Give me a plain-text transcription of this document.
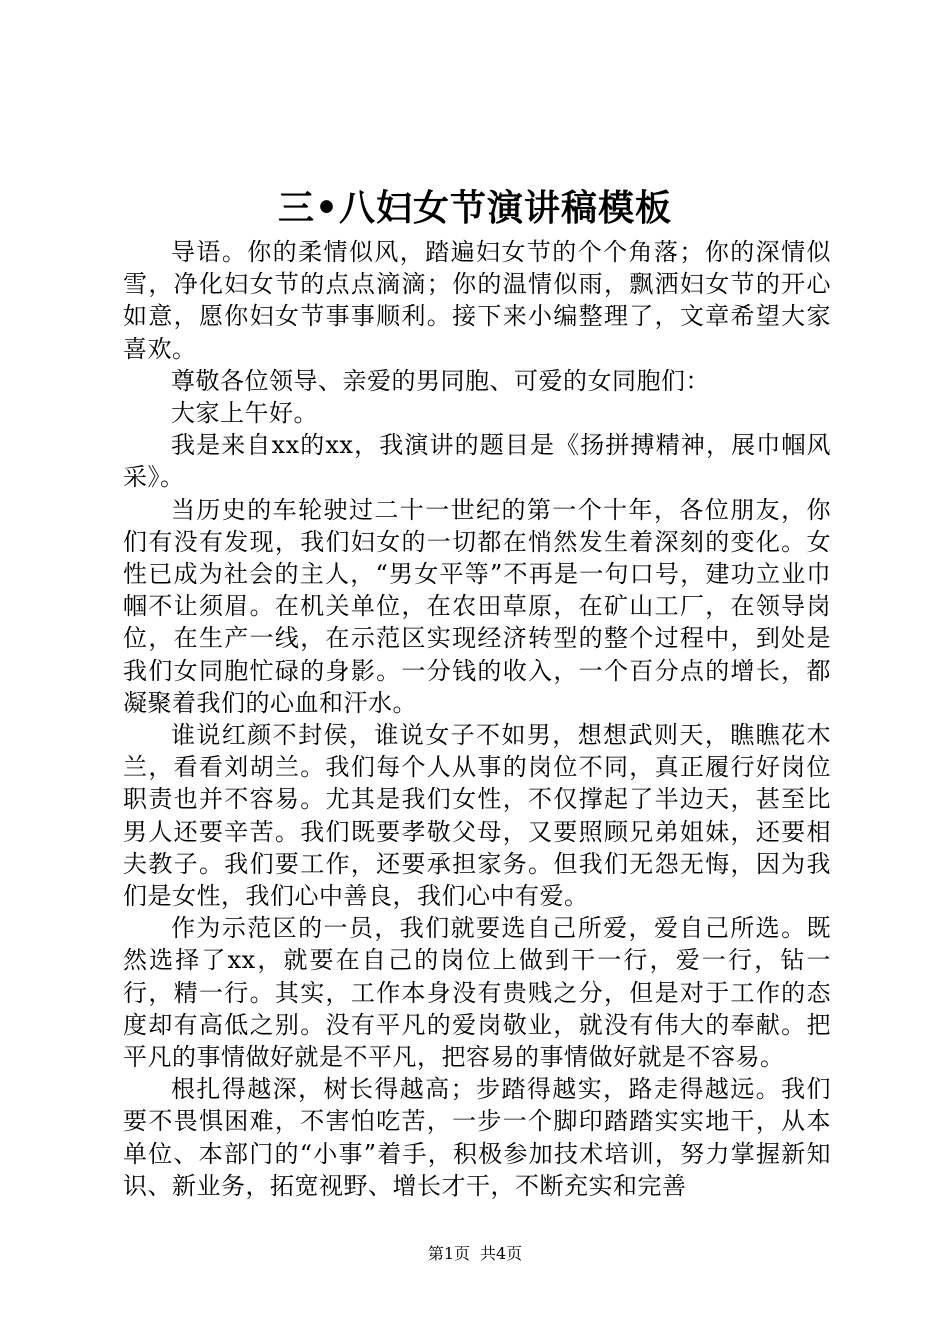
三•八妇女节演讲稿模板

导语。你的柔情似风，踏遍妇女节的个个角落；你的深情似雪，净化妇女节的点点滴滴；你的温情似雨，飘洒妇女节的开心如意，愿你妇女节事事顺利。接下来小编整理了，文章希望大家喜欢。

尊敬各位领导、亲爱的男同胞、可爱的女同胞们：

大家上午好。

我是来自xx的xx，我演讲的题目是《扬拼搏精神，展巾帼风采》。

当历史的车轮驶过二十一世纪的第一个十年，各位朋友，你们有没有发现，我们妇女的一切都在悄然发生着深刻的变化。女性已成为社会的主人，“男女平等”不再是一句口号，建功立业巾帼不让须眉。在机关单位，在农田草原，在矿山工厂，在领导岗位，在生产一线，在示范区实现经济转型的整个过程中，到处是我们女同胞忙碌的身影。一分钱的收入，一个百分点的增长，都凝聚着我们的心血和汗水。

谁说红颜不封侯，谁说女子不如男，想想武则天，瞧瞧花木兰，看看刘胡兰。我们每个人从事的岗位不同，真正履行好岗位职责也并不容易。尤其是我们女性，不仅撑起了半边天，甚至比男人还要辛苦。我们既要孝敬父母，又要照顾兄弟姐妹，还要相夫教子。我们要工作，还要承担家务。但我们无怨无悔，因为我们是女性，我们心中善良，我们心中有爱。

作为示范区的一员，我们就要选自己所爱，爱自己所选。既然选择了xx，就要在自己的岗位上做到干一行，爱一行，钻一行，精一行。其实，工作本身没有贵贱之分，但是对于工作的态度却有高低之别。没有平凡的爱岗敬业，就没有伟大的奉献。把平凡的事情做好就是不平凡，把容易的事情做好就是不容易。

根扎得越深，树长得越高；步踏得越实，路走得越远。我们要不畏惧困难，不害怕吃苦，一步一个脚印踏踏实实地干，从本单位、本部门的“小事”着手，积极参加技术培训，努力掌握新知识、新业务，拓宽视野、增长才干，不断充实和完善

第1页 共4页
